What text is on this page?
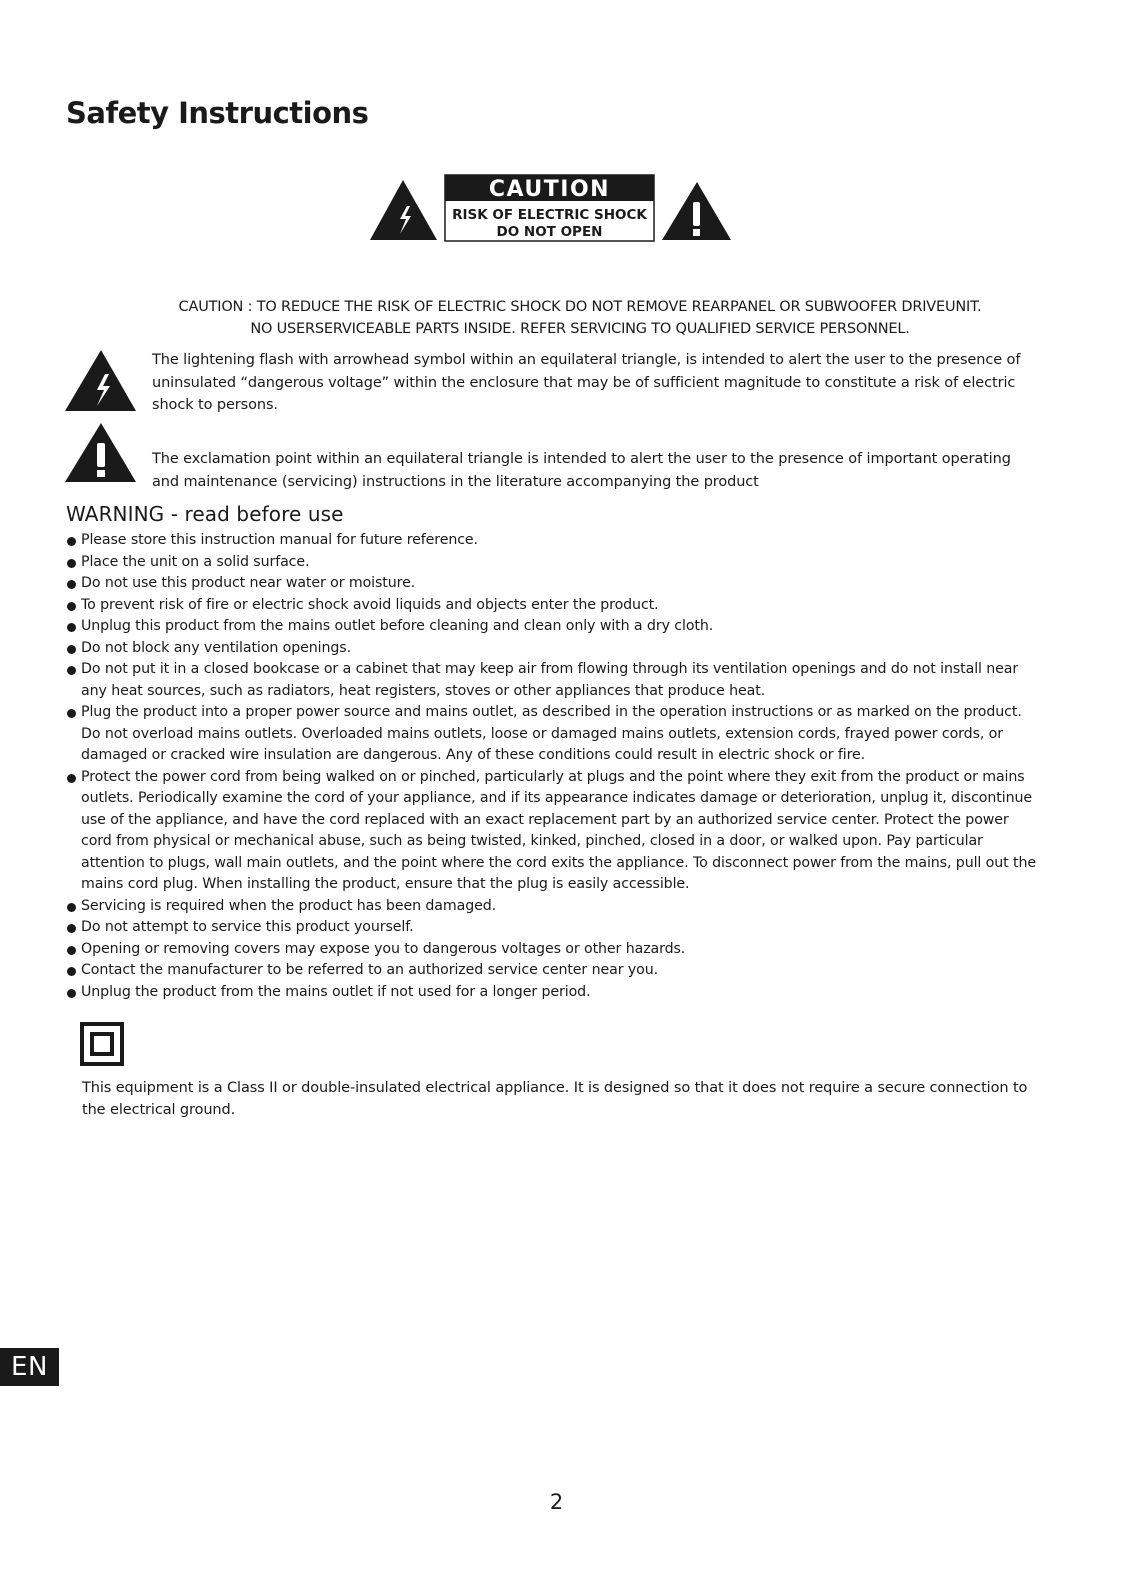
Safety Instructions
CAUTION
RISK OF ELECTRIC SHOCK
DO NOT OPEN
CAUTION : TO REDUCE THE RISK OF ELECTRIC SHOCK DO NOT REMOVE REARPANEL OR SUBWOOFER DRIVEUNIT.
NO USERSERVICEABLE PARTS INSIDE. REFER SERVICING TO QUALIFIED SERVICE PERSONNEL.
The lightening flash with arrowhead symbol within an equilateral triangle, is intended to alert the user to the presence of uninsulated “dangerous voltage” within the enclosure that may be of sufficient magnitude to constitute a risk of electric shock to persons.
The exclamation point within an equilateral triangle is intended to alert the user to the presence of important operating and maintenance (servicing) instructions in the literature accompanying the product
WARNING - read before use
Please store this instruction manual for future reference.
Place the unit on a solid surface.
Do not use this product near water or moisture.
To prevent risk of fire or electric shock avoid liquids and objects enter the product.
Unplug this product from the mains outlet before cleaning and clean only with a dry cloth.
Do not block any ventilation openings.
Do not put it in a closed bookcase or a cabinet that may keep air from flowing through its ventilation openings and do not install near any heat sources, such as radiators, heat registers, stoves or other appliances that produce heat.
Plug the product into a proper power source and mains outlet, as described in the operation instructions or as marked on the product. Do not overload mains outlets. Overloaded mains outlets, loose or damaged mains outlets, extension cords, frayed power cords, or damaged or cracked wire insulation are dangerous. Any of these conditions could result in electric shock or fire.
Protect the power cord from being walked on or pinched, particularly at plugs and the point where they exit from the product or mains outlets. Periodically examine the cord of your appliance, and if its appearance indicates damage or deterioration, unplug it, discontinue use of the appliance, and have the cord replaced with an exact replacement part by an authorized service center. Protect the power cord from physical or mechanical abuse, such as being twisted, kinked, pinched, closed in a door, or walked upon. Pay particular attention to plugs, wall main outlets, and the point where the cord exits the appliance. To disconnect power from the mains, pull out the mains cord plug. When installing the product, ensure that the plug is easily accessible.
Servicing is required when the product has been damaged.
Do not attempt to service this product yourself.
Opening or removing covers may expose you to dangerous voltages or other hazards.
Contact the manufacturer to be referred to an authorized service center near you.
Unplug the product from the mains outlet if not used for a longer period.
This equipment is a Class II or double-insulated electrical appliance. It is designed so that it does not require a secure connection to the electrical ground.
EN
2
